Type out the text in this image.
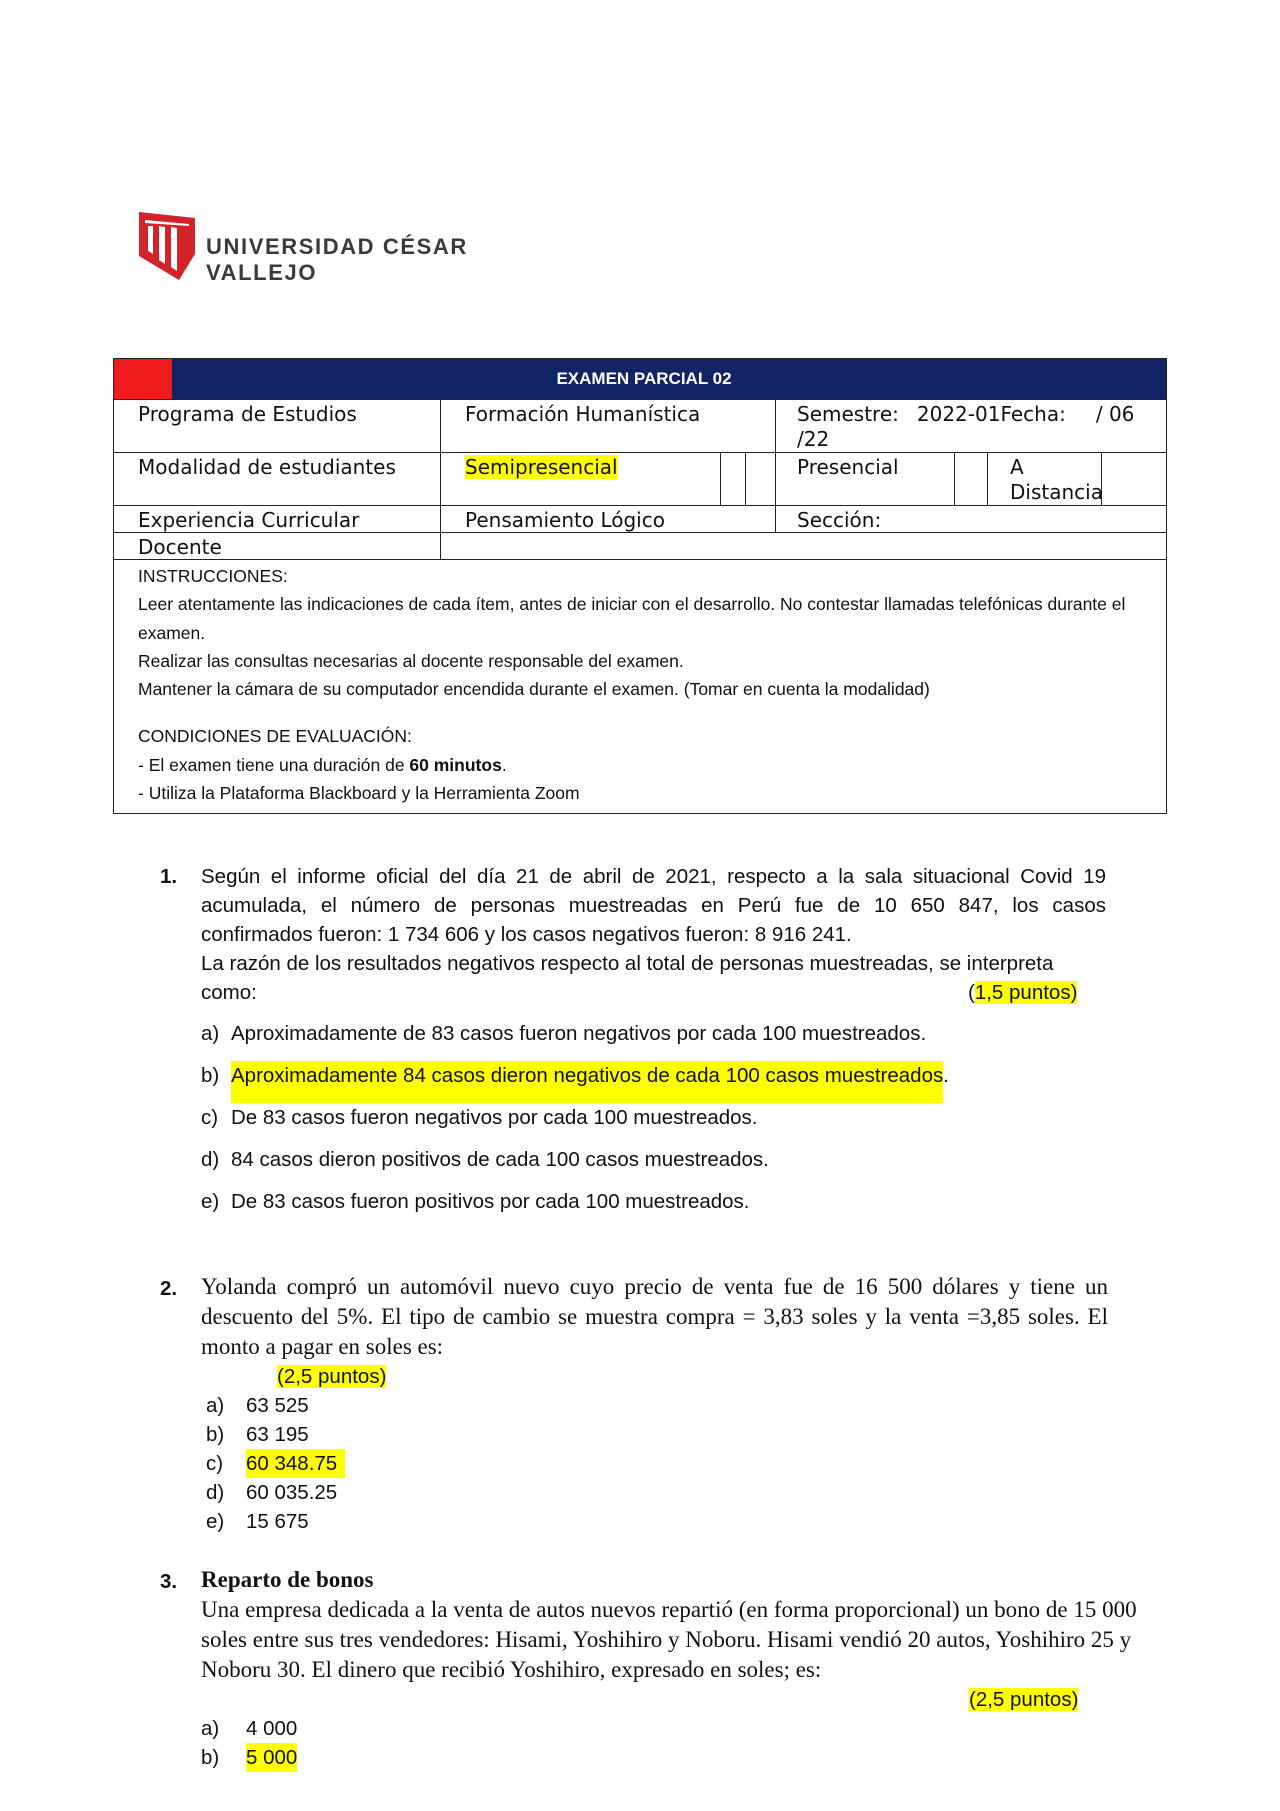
UNIVERSIDAD CÉSAR VALLEJO
EXAMEN PARCIAL 02
Programa de Estudios	Formación Humanística	Semestre: 2022-01 Fecha: / 06
/22
Modalidad de estudiantes	Semipresencial	Presencial	A
Distancia
Experiencia Curricular	Pensamiento Lógico	Sección:
Docente

INSTRUCCIONES:

Leer atentamente las indicaciones de cada ítem, antes de iniciar con el desarrollo. No contestar llamadas telefónicas durante el examen.

Realizar las consultas necesarias al docente responsable del examen.

Mantener la cámara de su computador encendida durante el examen. (Tomar en cuenta la modalidad)

CONDICIONES DE EVALUACIÓN:

- El examen tiene una duración de 60 minutos.

- Utiliza la Plataforma Blackboard y la Herramienta Zoom

1. Según el informe oficial del día 21 de abril de 2021, respecto a la sala situacional Covid 19 acumulada, el número de personas muestreadas en Perú fue de 10 650 847, los casos confirmados fueron: 1 734 606 y los casos negativos fueron: 8 916 241.
La razón de los resultados negativos respecto al total de personas muestreadas, se interpreta
como:	(1,5 puntos)
a) Aproximadamente de 83 casos fueron negativos por cada 100 muestreados.
b) Aproximadamente 84 casos dieron negativos de cada 100 casos muestreados .
c) De 83 casos fueron negativos por cada 100 muestreados.
d) 84 casos dieron positivos de cada 100 casos muestreados.
e) De 83 casos fueron positivos por cada 100 muestreados.
2. Yolanda compró un automóvil nuevo cuyo precio de venta fue de 16 500 dólares y tiene un descuento del 5%. El tipo de cambio se muestra compra = 3,83 soles y la venta =3,85 soles. El monto a pagar en soles es:
(2,5 puntos)
a)	63 525
b)	63 195
c)	60 348.75
d)	60 035.25
e)	15 675
3. Reparto de bonos
Una empresa dedicada a la venta de autos nuevos repartió (en forma proporcional) un bono de 15 000 soles entre sus tres vendedores: Hisami, Yoshihiro y Noboru. Hisami vendió 20 autos, Yoshihiro 25 y Noboru 30. El dinero que recibió Yoshihiro, expresado en soles; es:
(2,5 puntos)
a)	4 000
b)	5 000
